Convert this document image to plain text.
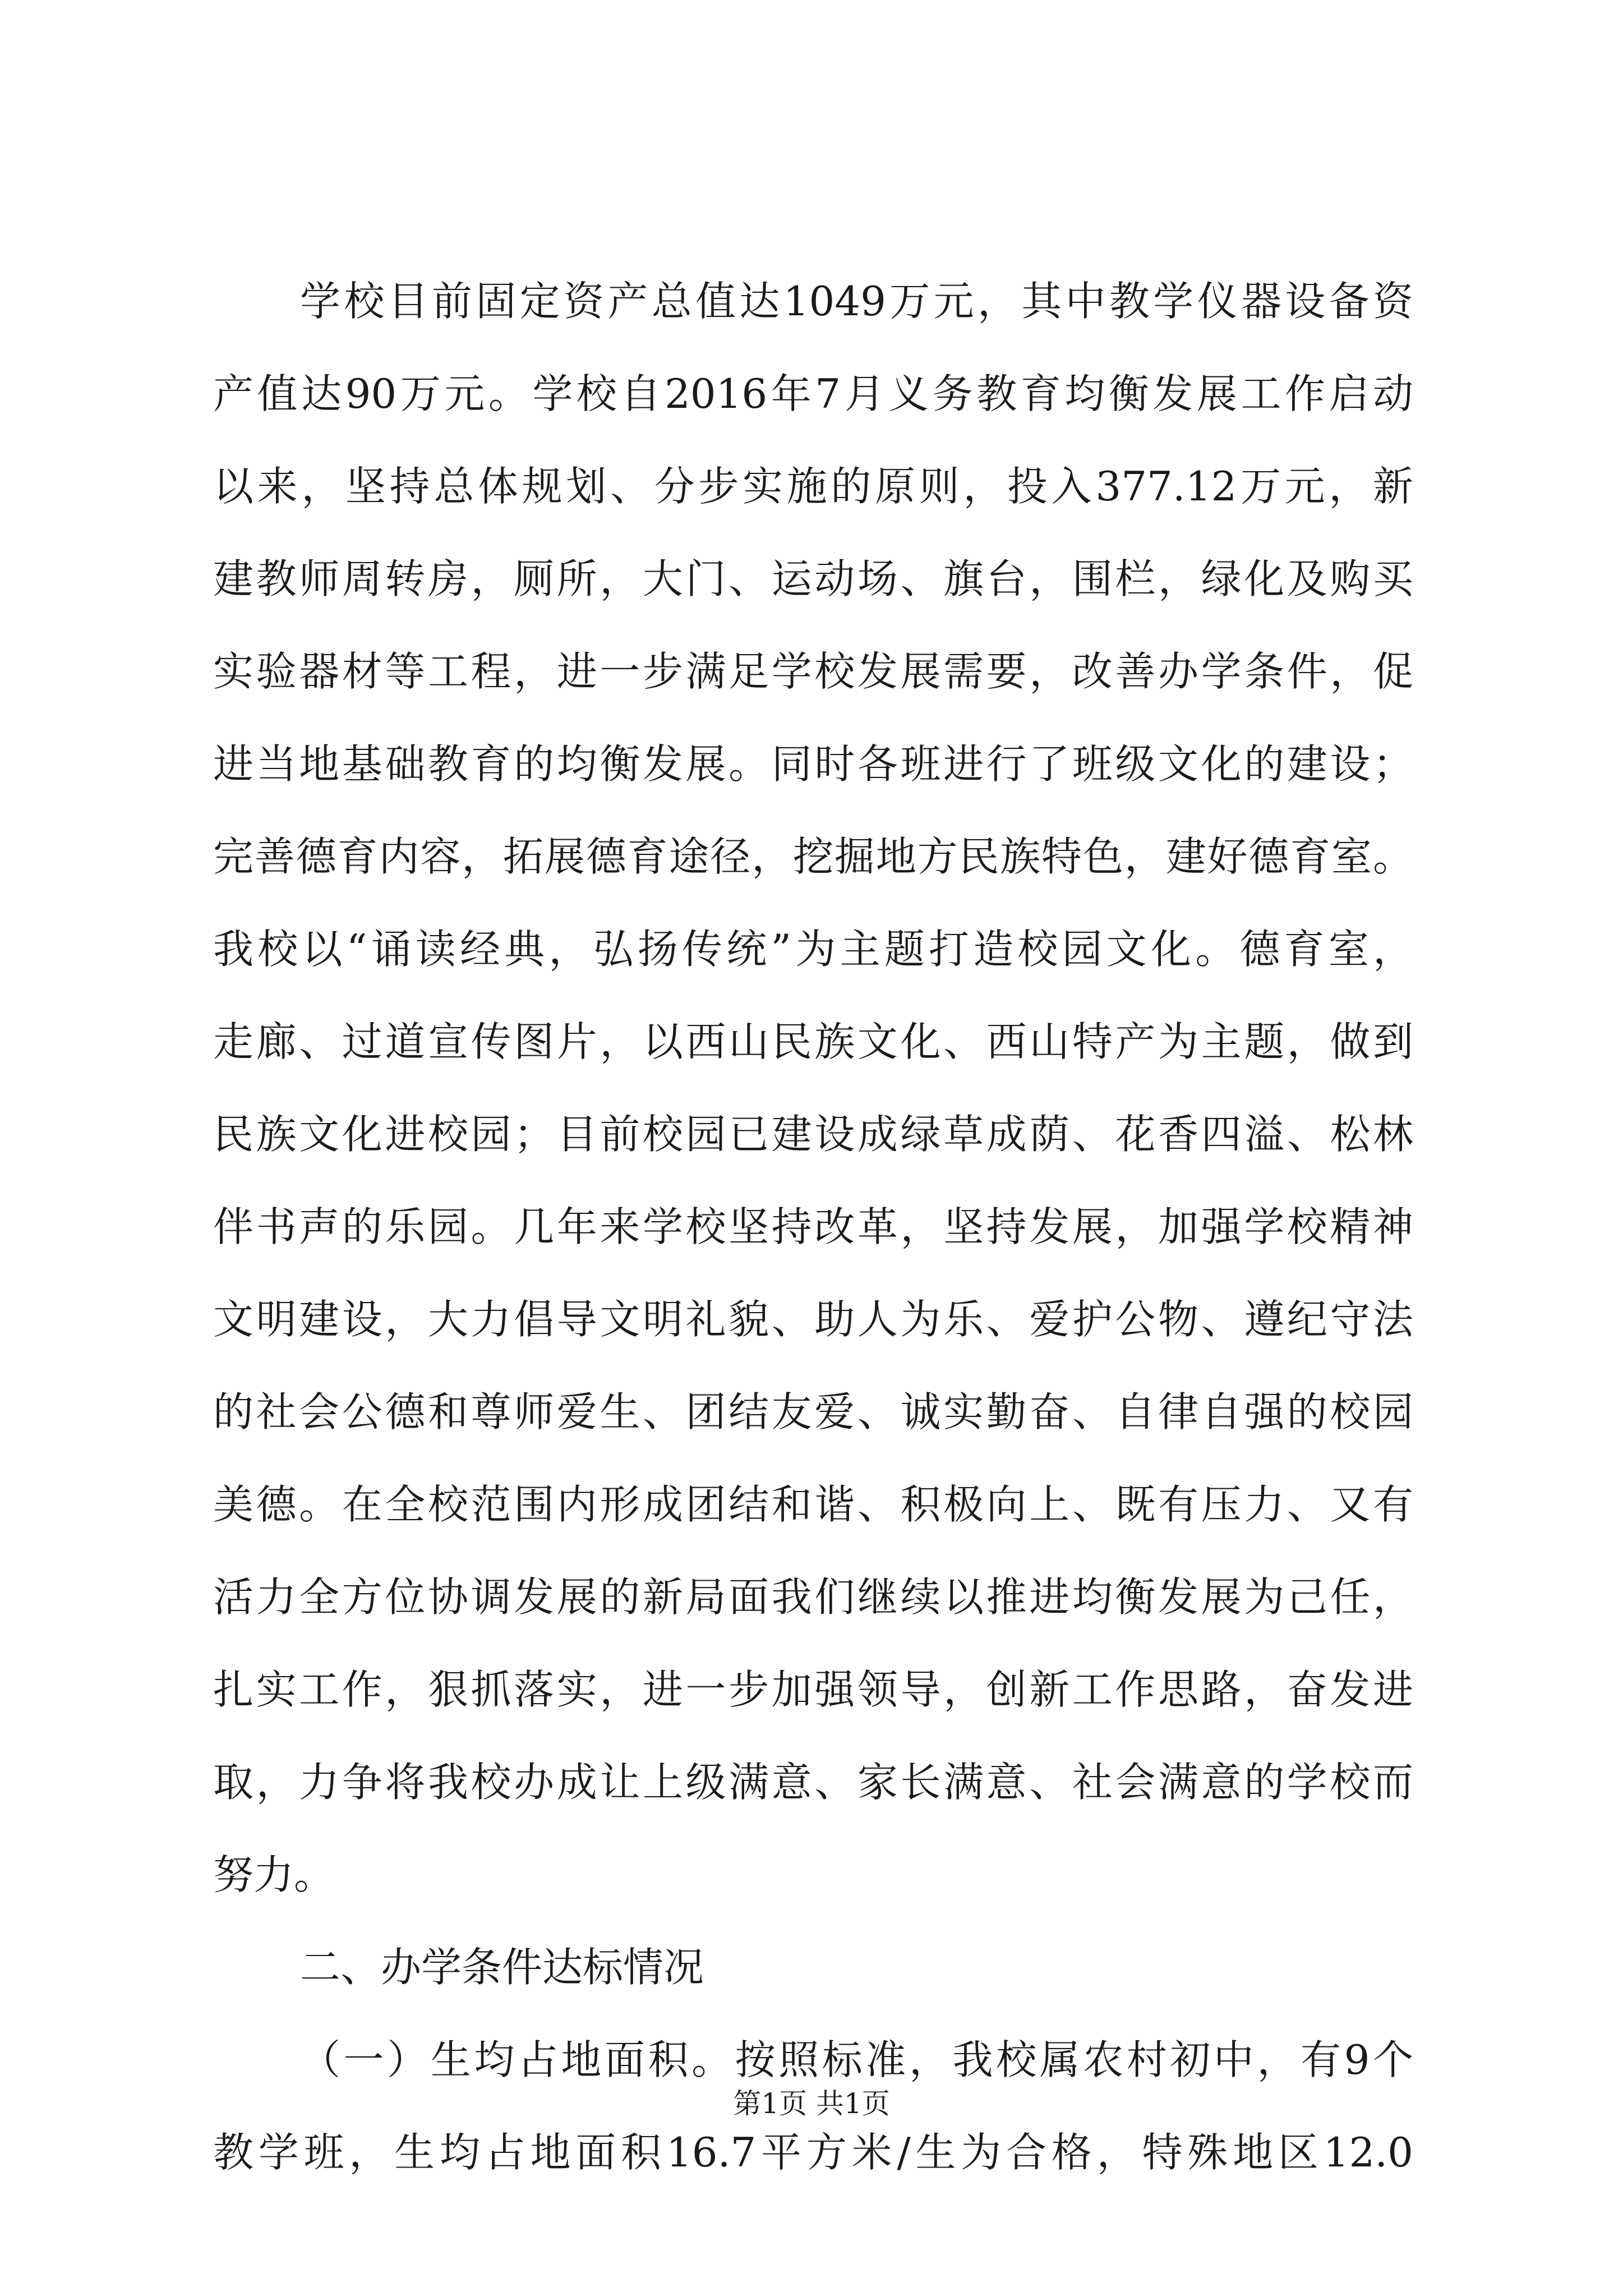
学校目前固定资产总值达1049万元，其中教学仪器设备资
产值达90万元。学校自2016年7月义务教育均衡发展工作启动
以来，坚持总体规划、分步实施的原则，投入377.12万元，新
建教师周转房，厕所，大门、运动场、旗台，围栏，绿化及购买
实验器材等工程，进一步满足学校发展需要，改善办学条件，促
进当地基础教育的均衡发展。同时各班进行了班级文化的建设；
完善德育内容，拓展德育途径，挖掘地方民族特色，建好德育室。
我校以“诵读经典，弘扬传统”为主题打造校园文化。德育室，
走廊、过道宣传图片，以西山民族文化、西山特产为主题，做到
民族文化进校园；目前校园已建设成绿草成荫、花香四溢、松林
伴书声的乐园。几年来学校坚持改革，坚持发展，加强学校精神
文明建设，大力倡导文明礼貌、助人为乐、爱护公物、遵纪守法
的社会公德和尊师爱生、团结友爱、诚实勤奋、自律自强的校园
美德。在全校范围内形成团结和谐、积极向上、既有压力、又有
活力全方位协调发展的新局面我们继续以推进均衡发展为己任，
扎实工作，狠抓落实，进一步加强领导，创新工作思路，奋发进
取，力争将我校办成让上级满意、家长满意、社会满意的学校而
努力。
二、办学条件达标情况
（一）生均占地面积。按照标准，我校属农村初中，有9个
教学班，生均占地面积16.7平方米/生为合格，特殊地区12.0
第1页 共1页
